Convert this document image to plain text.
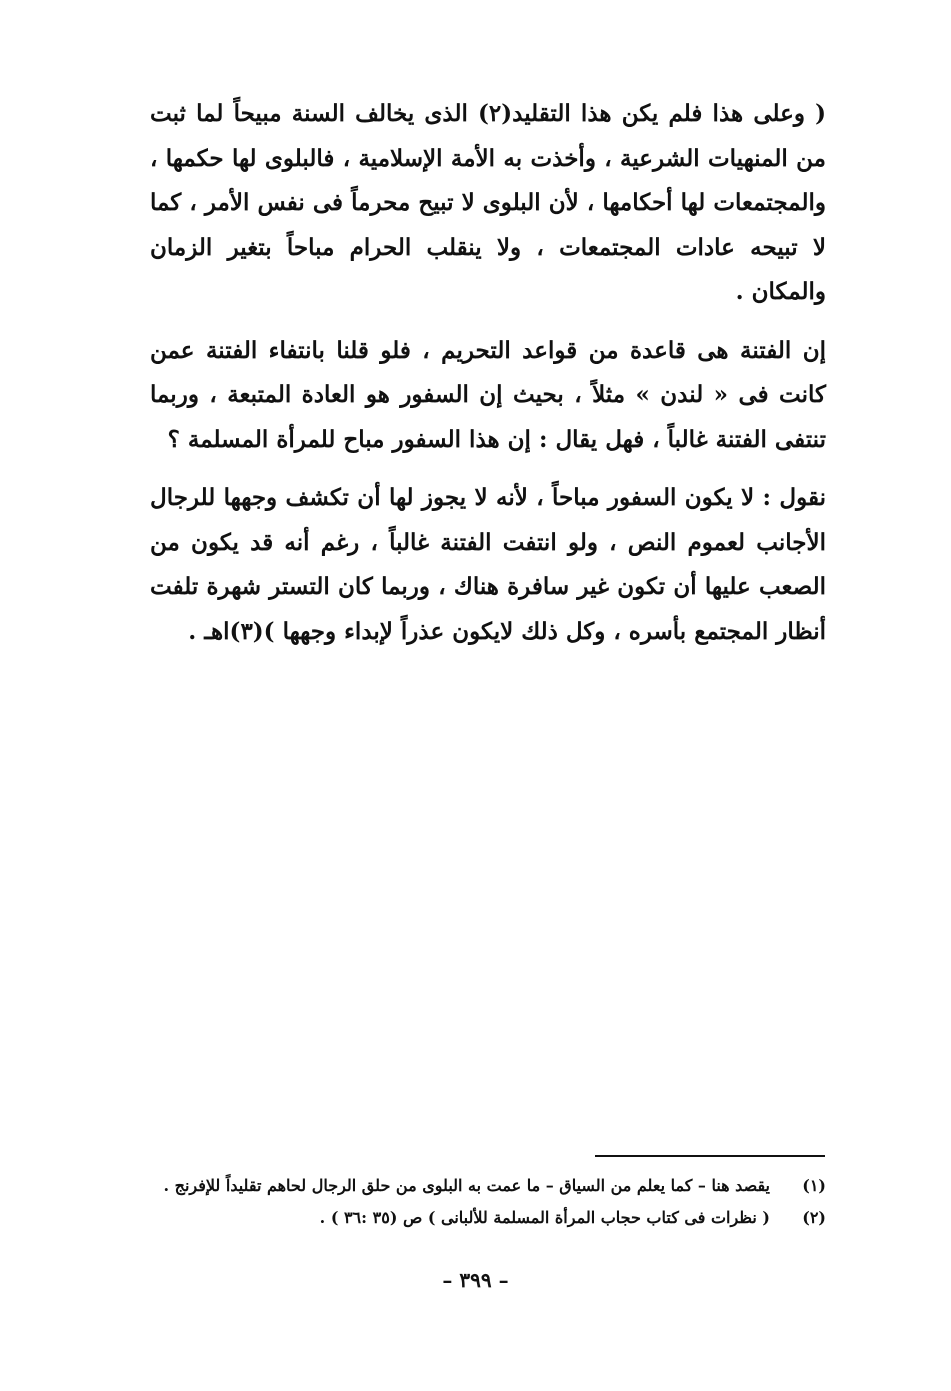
( وعلى هذا فلم يكن هذا التقليد(٢) الذى يخالف السنة مبيحاً لما ثبت من المنهيات الشرعية ، وأخذت به الأمة الإسلامية ، فالبلوى لها حكمها ، والمجتمعات لها أحكامها ، لأن البلوى لا تبيح محرماً فى نفس الأمر ، كما لا تبيحه عادات المجتمعات ، ولا ينقلب الحرام مباحاً بتغير الزمان والمكان .

إن الفتنة هى قاعدة من قواعد التحريم ، فلو قلنا بانتفاء الفتنة عمن كانت فى « لندن » مثلاً ، بحيث إن السفور هو العادة المتبعة ، وربما تنتفى الفتنة غالباً ، فهل يقال : إن هذا السفور مباح للمرأة المسلمة ؟

نقول : لا يكون السفور مباحاً ، لأنه لا يجوز لها أن تكشف وجهها للرجال الأجانب لعموم النص ، ولو انتفت الفتنة غالباً ، رغم أنه قد يكون من الصعب عليها أن تكون غير سافرة هناك ، وربما كان التستر شهرة تلفت أنظار المجتمع بأسره ، وكل ذلك لايكون عذراً لإبداء وجهها )(٣)اهـ .

(١)
يقصد هنا – كما يعلم من السياق – ما عمت به البلوى من حلق الرجال لحاهم تقليداً للإفرنج .
(٢)
( نظرات فى كتاب حجاب المرأة المسلمة للألبانى ) ص (٣٥ :٣٦ ) .
– ٣٩٩ –
